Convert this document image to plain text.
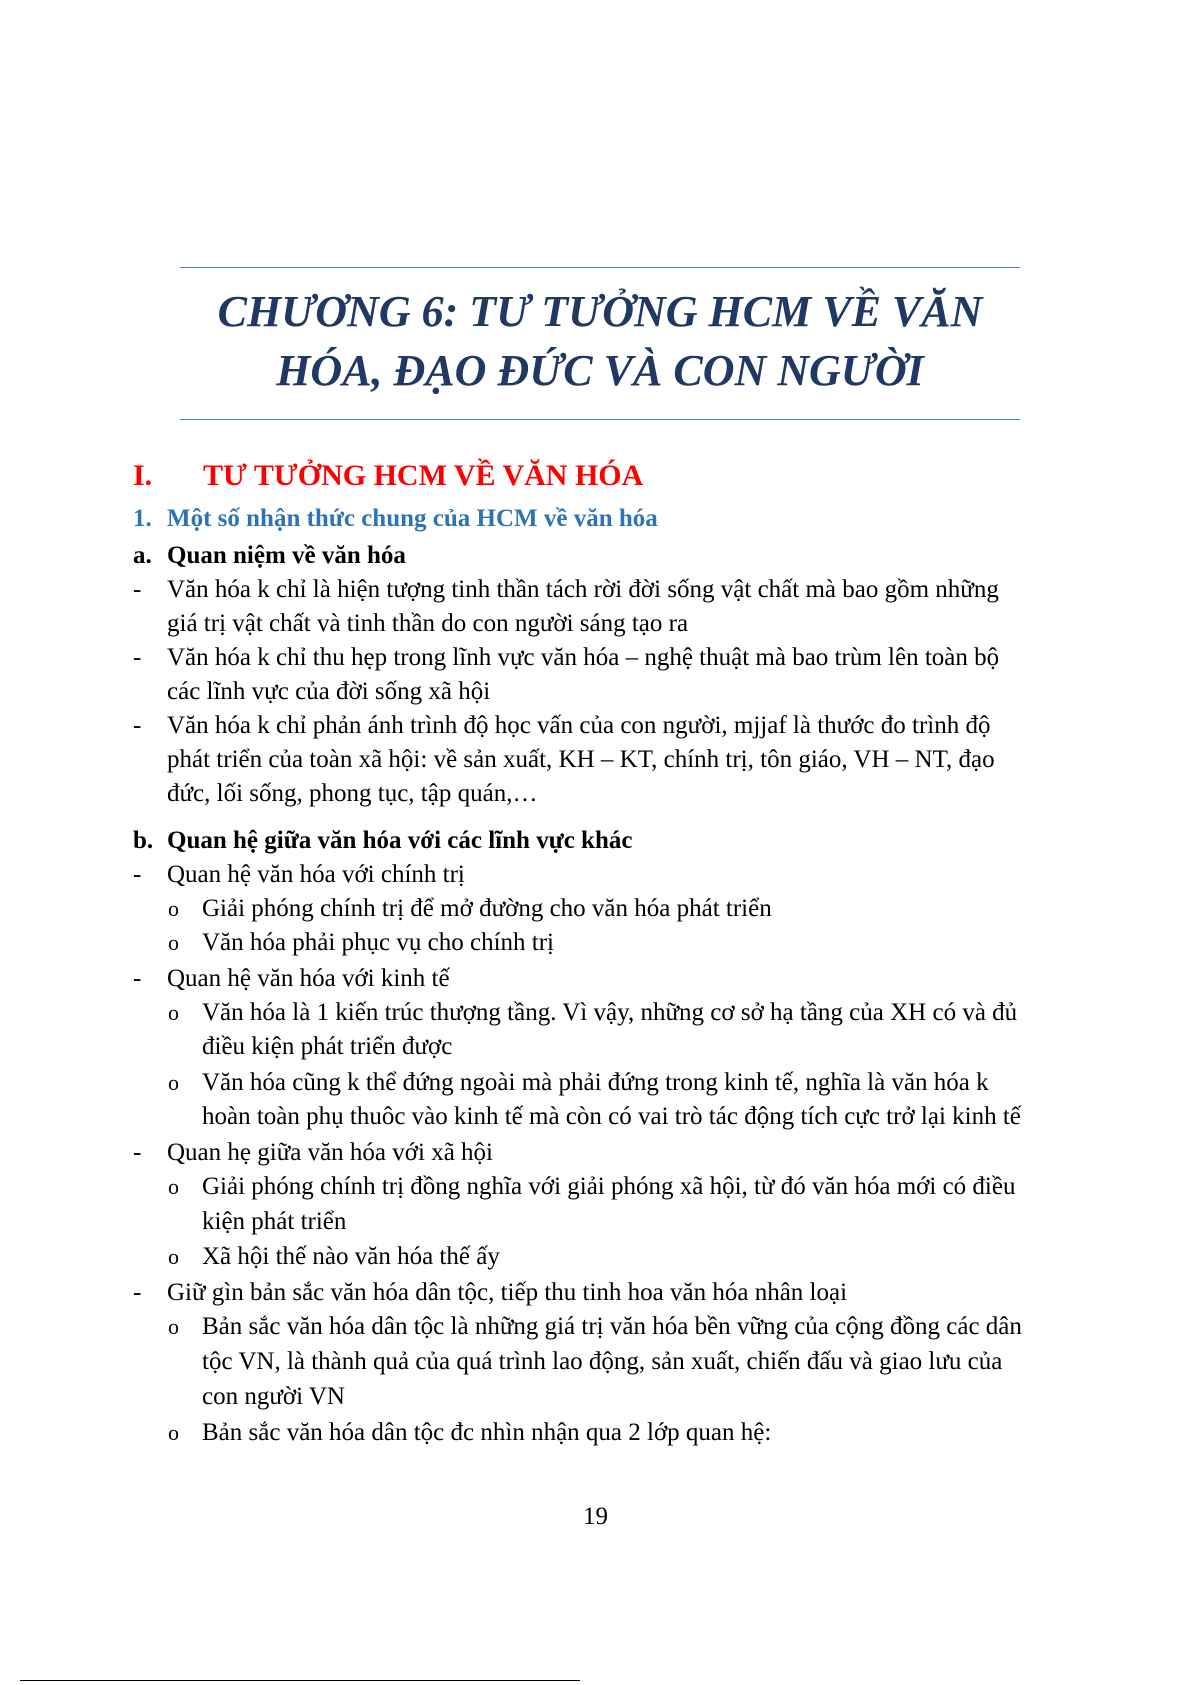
CHƯƠNG 6: TƯ TƯỞNG HCM VỀ VĂN
HÓA, ĐẠO ĐỨC VÀ CON NGƯỜI
I. TƯ TƯỞNG HCM VỀ VĂN HÓA
1. Một số nhận thức chung của HCM về văn hóa
a. Quan niệm về văn hóa
- Văn hóa k chỉ là hiện tượng tinh thần tách rời đời sống vật chất mà bao gồm những
giá trị vật chất và tinh thần do con người sáng tạo ra
- Văn hóa k chỉ thu hẹp trong lĩnh vực văn hóa – nghệ thuật mà bao trùm lên toàn bộ
các lĩnh vực của đời sống xã hội
- Văn hóa k chỉ phản ánh trình độ học vấn của con người, mjjaf là thước đo trình độ
phát triển của toàn xã hội: về sản xuất, KH – KT, chính trị, tôn giáo, VH – NT, đạo
đức, lối sống, phong tục, tập quán,…
b. Quan hệ giữa văn hóa với các lĩnh vực khác
- Quan hệ văn hóa với chính trị
o Giải phóng chính trị để mở đường cho văn hóa phát triển
o Văn hóa phải phục vụ cho chính trị
- Quan hệ văn hóa với kinh tế
o Văn hóa là 1 kiến trúc thượng tầng. Vì vậy, những cơ sở hạ tầng của XH có và đủ
điều kiện phát triển được
o Văn hóa cũng k thể đứng ngoài mà phải đứng trong kinh tế, nghĩa là văn hóa k
hoàn toàn phụ thuôc vào kinh tế mà còn có vai trò tác động tích cực trở lại kinh tế
- Quan hẹ giữa văn hóa với xã hội
o Giải phóng chính trị đồng nghĩa với giải phóng xã hội, từ đó văn hóa mới có điều
kiện phát triển
o Xã hội thế nào văn hóa thế ấy
- Giữ gìn bản sắc văn hóa dân tộc, tiếp thu tinh hoa văn hóa nhân loại
o Bản sắc văn hóa dân tộc là những giá trị văn hóa bền vững của cộng đồng các dân
tộc VN, là thành quả của quá trình lao động, sản xuất, chiến đấu và giao lưu của
con người VN
o Bản sắc văn hóa dân tộc đc nhìn nhận qua 2 lớp quan hệ:
19
